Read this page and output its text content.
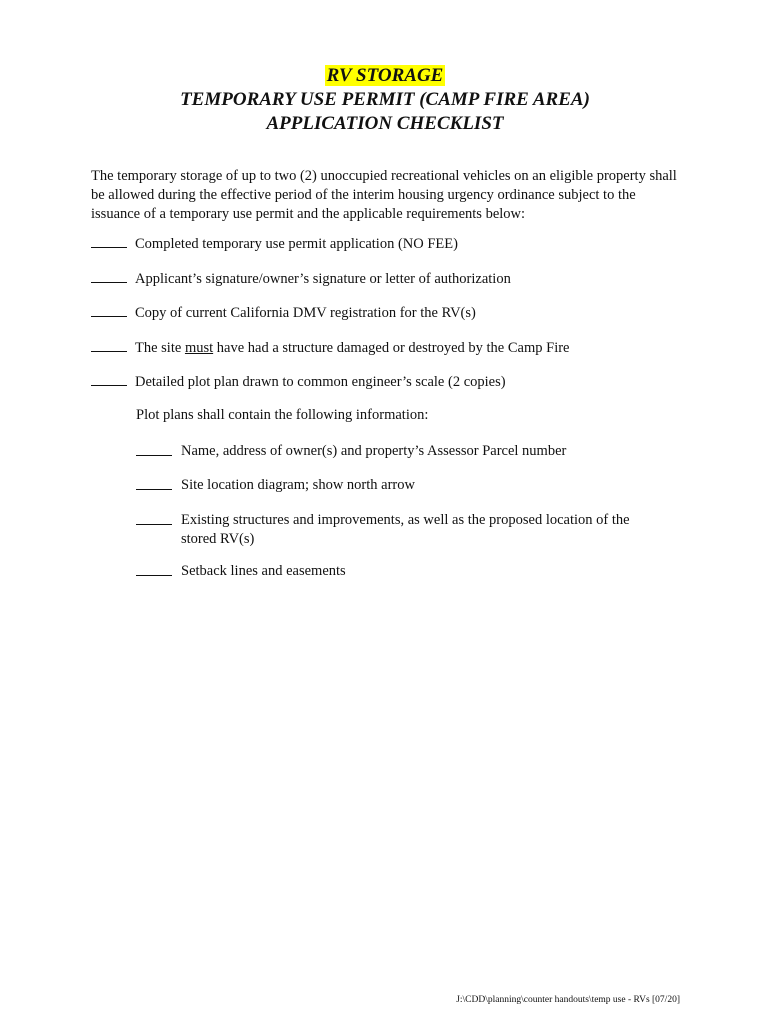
RV STORAGE
TEMPORARY USE PERMIT (CAMP FIRE AREA)
APPLICATION CHECKLIST
The temporary storage of up to two (2) unoccupied recreational vehicles on an eligible property shall be allowed during the effective period of the interim housing urgency ordinance subject to the issuance of a temporary use permit and the applicable requirements below:
Completed temporary use permit application (NO FEE)
Applicant’s signature/owner’s signature or letter of authorization
Copy of current California DMV registration for the RV(s)
The site must have had a structure damaged or destroyed by the Camp Fire
Detailed plot plan drawn to common engineer’s scale (2 copies)
Plot plans shall contain the following information:
Name, address of owner(s) and property’s Assessor Parcel number
Site location diagram; show north arrow
Existing structures and improvements, as well as the proposed location of the stored RV(s)
Setback lines and easements
J:\CDD\planning\counter handouts\temp use - RVs [07/20]
